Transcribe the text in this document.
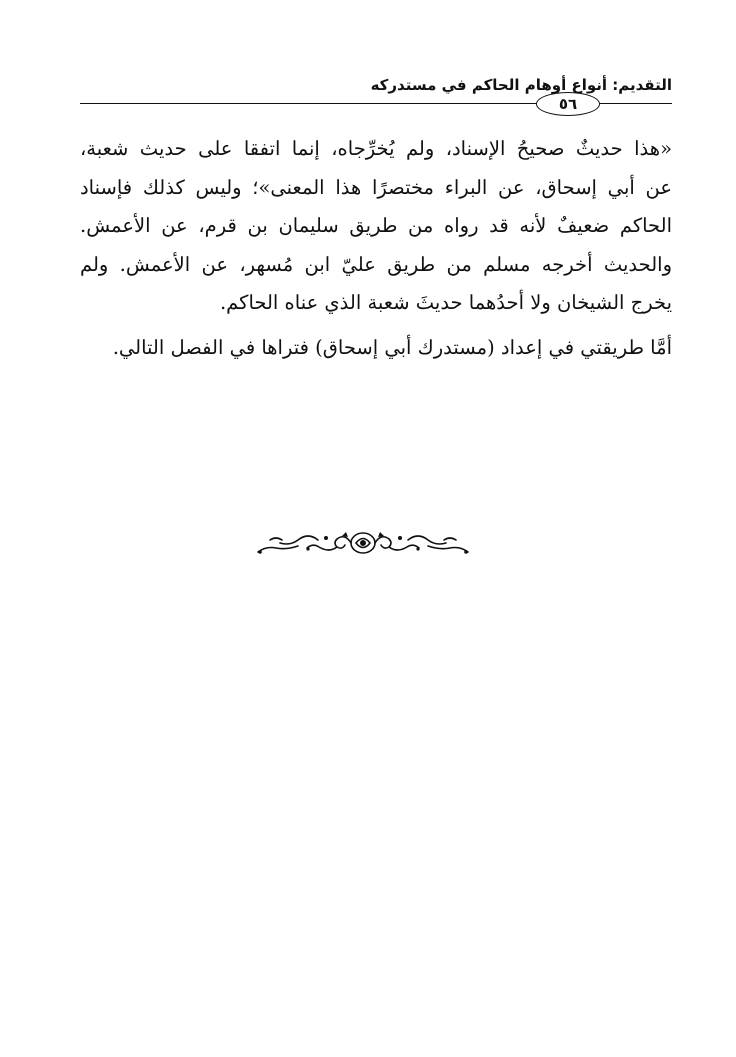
٥٦
التقديم: أنواع أوهام الحاكم في مستدركه

«هذا حديثٌ صحيحُ الإسناد، ولم يُخرِّجاه، إنما اتفقا على حديث شعبة،
عن أبي إسحاق، عن البراء مختصرًا هذا المعنى»؛ وليس كذلك فإسناد
الحاكم ضعيفٌ لأنه قد رواه من طريق سليمان بن قرم، عن الأعمش.
والحديث أخرجه مسلم من طريق عليّ ابن مُسهر، عن الأعمش. ولم
يخرج الشيخان ولا أحدُهما حديثَ شعبة الذي عناه الحاكم.

أمَّا طريقتي في إعداد (مستدرك أبي إسحاق) فتراها في الفصل التالي.
